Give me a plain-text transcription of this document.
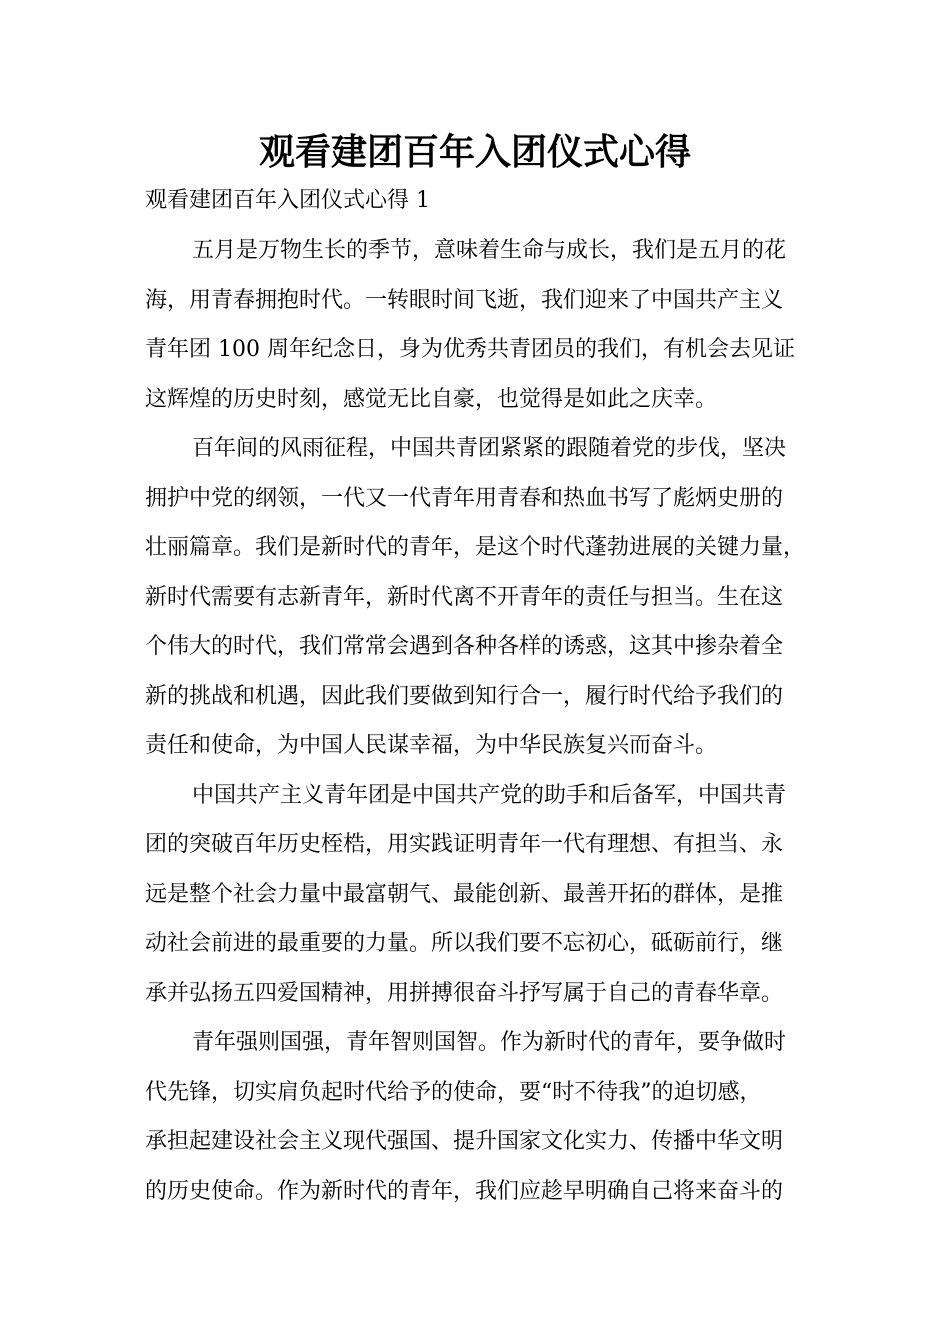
观看建团百年入团仪式心得
观看建团百年入团仪式心得 1

五月是万物生长的季节，意味着生命与成长，我们是五月的花
海，用青春拥抱时代。一转眼时间飞逝，我们迎来了中国共产主义
青年团 100 周年纪念日，身为优秀共青团员的我们，有机会去见证
这辉煌的历史时刻，感觉无比自豪，也觉得是如此之庆幸。

百年间的风雨征程，中国共青团紧紧的跟随着党的步伐，坚决
拥护中党的纲领，一代又一代青年用青春和热血书写了彪炳史册的
壮丽篇章。我们是新时代的青年，是这个时代蓬勃进展的关键力量，
新时代需要有志新青年，新时代离不开青年的责任与担当。生在这
个伟大的时代，我们常常会遇到各种各样的诱惑，这其中掺杂着全
新的挑战和机遇，因此我们要做到知行合一，履行时代给予我们的
责任和使命，为中国人民谋幸福，为中华民族复兴而奋斗。

中国共产主义青年团是中国共产党的助手和后备军，中国共青
团的突破百年历史桎梏，用实践证明青年一代有理想、有担当、永
远是整个社会力量中最富朝气、最能创新、最善开拓的群体，是推
动社会前进的最重要的力量。所以我们要不忘初心，砥砺前行，继
承并弘扬五四爱国精神，用拼搏很奋斗抒写属于自己的青春华章。

青年强则国强，青年智则国智。作为新时代的青年，要争做时
代先锋，切实肩负起时代给予的使命，要“时不待我”的迫切感，
承担起建设社会主义现代强国、提升国家文化实力、传播中华文明
的历史使命。作为新时代的青年，我们应趁早明确自己将来奋斗的
